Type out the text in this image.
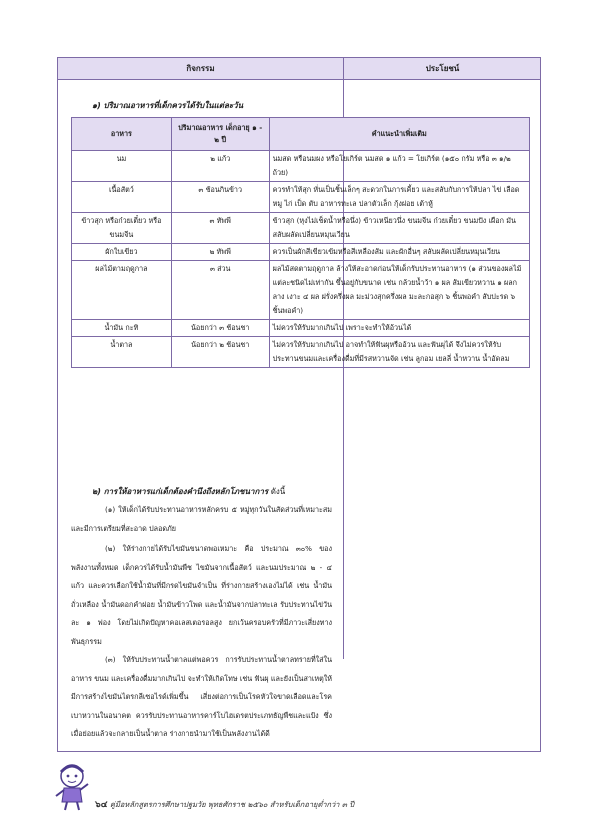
กิจกรรม	ประโยชน์
๑) ปริมาณอาหารที่เด็กควรได้รับในแต่ละวัน
อาหาร	ปริมาณอาหาร เด็กอายุ ๑ - ๒ ปี	คำแนะนำเพิ่มเติม
นม	๒ แก้ว	นมสด หรือนมผง หรือโยเกิร์ต นมสด ๑ แก้ว = โยเกิร์ต (๑๕๐ กรัม หรือ ๓ ๑/๒ ถ้วย)
เนื้อสัตว์	๓ ช้อนกินข้าว	ควรทำให้สุก หั่นเป็นชิ้นเล็กๆ สะดวกในการเคี้ยว และสลับกับการให้ปลา ไข่ เลือดหมู ไก่ เป็ด ตับ อาหารทะเล ปลาตัวเล็ก กุ้งฝอย เต้าหู้
ข้าวสุก หรือก๋วยเตี๋ยว หรือขนมจีน	๓ ทัพพี	ข้าวสุก (หุงไม่เช็ดน้ำหรือนึ่ง) ข้าวเหนียวนึ่ง ขนมจีน ก๋วยเตี๋ยว ขนมปัง เผือก มัน สลับผลัดเปลี่ยนหมุนเวียน
ผักใบเขียว	๒ ทัพพี	ควรเป็นผักสีเขียวเข้มหรือสีเหลืองส้ม และผักอื่นๆ สลับผลัดเปลี่ยนหมุนเวียน
ผลไม้ตามฤดูกาล	๓ ส่วน	ผลไม้สดตามฤดูกาล ล้างให้สะอาดก่อนให้เด็กรับประทานอาหาร (๑ ส่วนของผลไม้แต่ละชนิดไม่เท่ากัน ขึ้นอยู่กับขนาด เช่น กล้วยน้ำว้า ๑ ผล ส้มเขียวหวาน ๑ ผลกลาง เงาะ ๔ ผล ฝรั่งครึ่งผล มะม่วงสุกครึ่งผล มะละกอสุก ๖ ชิ้นพอคำ สับปะรด ๖ ชิ้นพอคำ)
น้ำมัน กะทิ	น้อยกว่า ๓ ช้อนชา	ไม่ควรให้รับมากเกินไป เพราะจะทำให้อ้วนได้
น้ำตาล	น้อยกว่า ๒ ช้อนชา	ไม่ควรให้รับมากเกินไป อาจทำให้ฟันผุหรืออ้วน และฟันผุได้ จึงไม่ควรให้รับประทานขนมและเครื่องดื่มที่มีรสหวานจัด เช่น ลูกอม เยลลี่ น้ำหวาน น้ำอัดลม
๒) การให้อาหารแก่เด็กต้องคำนึงถึงหลักโภชนาการ ดังนี้
(๑) ให้เด็กได้รับประทานอาหารหลักครบ ๕ หมู่ทุกวันในสัดส่วนที่เหมาะสม และมีการเตรียมที่สะอาด ปลอดภัย
(๒) ให้ร่างกายได้รับไขมันขนาดพอเหมาะ คือ ประมาณ ๓๐% ของพลังงานทั้งหมด เด็กควรได้รับน้ำมันพืช ไขมันจากเนื้อสัตว์ และนมประมาณ ๒ - ๔ แก้ว และควรเลือกใช้น้ำมันที่มีกรดไขมันจำเป็น ที่ร่างกายสร้างเองไม่ได้ เช่น น้ำมันถั่วเหลือง น้ำมันดอกคำฝอย น้ำมันข้าวโพด และน้ำมันจากปลาทะเล รับประทานไข่วันละ ๑ ฟอง โดยไม่เกิดปัญหาคอเลสเตอรอลสูง ยกเว้นครอบครัวที่มีภาวะเสี่ยงทางพันธุกรรม
(๓) ให้รับประทานน้ำตาลแต่พอควร การรับประทานน้ำตาลทรายที่ใส่ในอาหาร ขนม และเครื่องดื่มมากเกินไป จะทำให้เกิดโทษ เช่น ฟันผุ และยังเป็นสาเหตุให้มีการสร้างไขมันไตรกลีเซอไรด์เพิ่มขึ้น เสี่ยงต่อการเป็นโรคหัวใจขาดเลือดและโรคเบาหวานในอนาคต ควรรับประทานอาหารคาร์โบไฮเดรตประเภทธัญพืชและแป้ง ซึ่งเมื่อย่อยแล้วจะกลายเป็นน้ำตาล ร่างกายนำมาใช้เป็นพลังงานได้ดี
๖๔ คู่มือหลักสูตรการศึกษาปฐมวัย พุทธศักราช ๒๕๖๐ สำหรับเด็กอายุต่ำกว่า ๓ ปี
